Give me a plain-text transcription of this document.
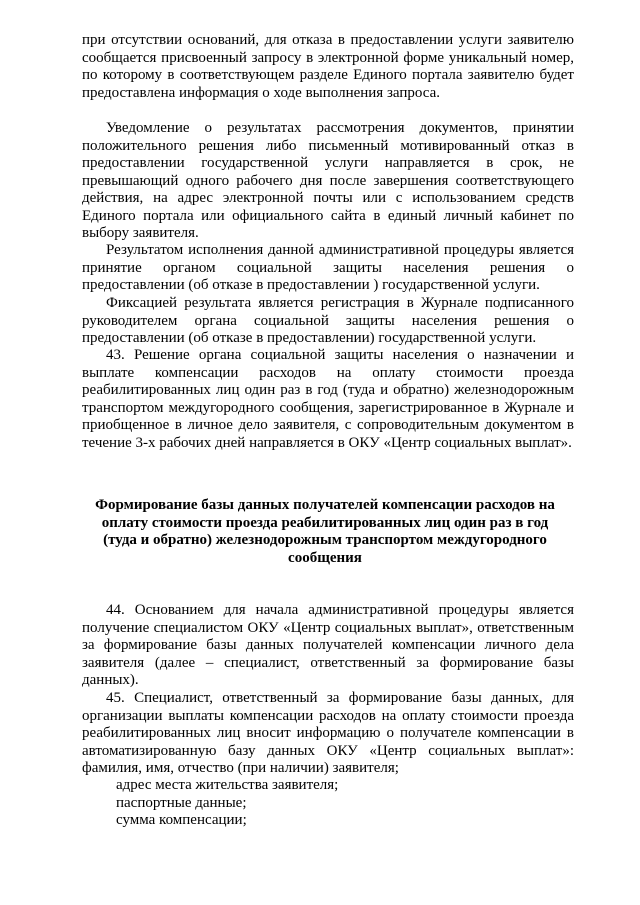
при отсутствии оснований, для отказа в предоставлении услуги заявителю сообщается присвоенный запросу в электронной форме уникальный номер, по которому в соответствующем разделе Единого портала заявителю будет предоставлена информация о ходе выполнения запроса.
Уведомление о результатах рассмотрения документов, принятии положительного решения либо письменный мотивированный отказ в предоставлении государственной услуги направляется в срок, не превышающий одного рабочего дня после завершения соответствующего действия, на адрес электронной почты или с использованием средств Единого портала или официального сайта в единый личный кабинет по выбору заявителя.
Результатом исполнения данной административной процедуры является принятие органом социальной защиты населения решения о предоставлении (об отказе в предоставлении ) государственной услуги.
Фиксацией результата является регистрация в Журнале подписанного руководителем органа социальной защиты населения решения о предоставлении (об отказе в предоставлении) государственной услуги.
43. Решение органа социальной защиты населения о назначении и выплате компенсации расходов на оплату стоимости проезда реабилитированных лиц один раз в год (туда и обратно) железнодорожным транспортом междугородного сообщения, зарегистрированное в Журнале и приобщенное в личное дело заявителя, с сопроводительным документом в течение 3-х рабочих дней направляется в ОКУ «Центр социальных выплат».
Формирование базы данных получателей компенсации расходов на оплату стоимости проезда реабилитированных лиц один раз в год (туда и обратно) железнодорожным транспортом междугородного сообщения
44. Основанием для начала административной процедуры является получение специалистом ОКУ «Центр социальных выплат», ответственным за формирование базы данных получателей компенсации личного дела заявителя (далее – специалист, ответственный за формирование базы данных).
45. Специалист, ответственный за формирование базы данных, для организации выплаты компенсации расходов на оплату стоимости проезда реабилитированных лиц вносит информацию о получателе компенсации в автоматизированную базу данных ОКУ «Центр социальных выплат»: фамилия, имя, отчество (при наличии) заявителя;
адрес места жительства заявителя;
паспортные данные;
сумма компенсации;
